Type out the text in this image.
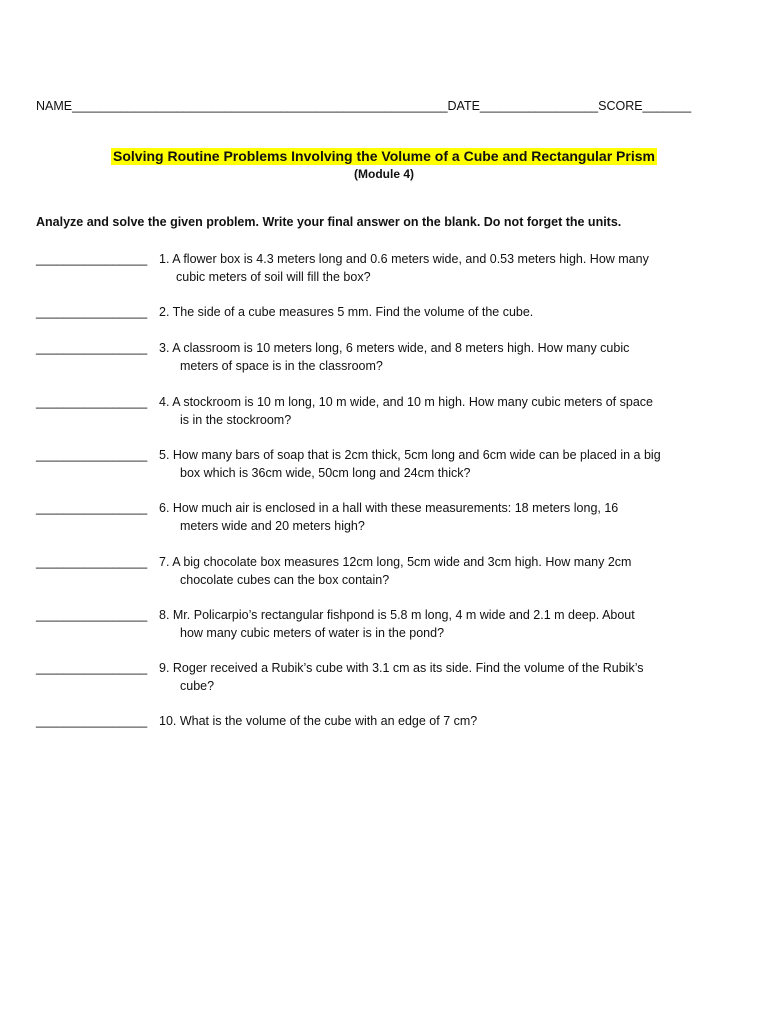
NAME______________________________________________________DATE_________________SCORE_______
Solving Routine Problems Involving the Volume of a Cube and Rectangular Prism
(Module 4)
Analyze and solve the given problem. Write your final answer on the blank. Do not forget the units.
________________ 1. A flower box is 4.3 meters long and 0.6 meters wide, and 0.53 meters high. How many
cubic meters of soil will fill the box?
________________ 2. The side of a cube measures 5 mm. Find the volume of the cube.
________________ 3. A classroom is 10 meters long, 6 meters wide, and 8 meters high. How many cubic
meters of space is in the classroom?
________________ 4. A stockroom is 10 m long, 10 m wide, and 10 m high. How many cubic meters of space
is in the stockroom?
________________ 5. How many bars of soap that is 2cm thick, 5cm long and 6cm wide can be placed in a big
box which is 36cm wide, 50cm long and 24cm thick?
________________ 6. How much air is enclosed in a hall with these measurements: 18 meters long, 16
meters wide and 20 meters high?
________________ 7. A big chocolate box measures 12cm long, 5cm wide and 3cm high. How many 2cm
chocolate cubes can the box contain?
________________ 8. Mr. Policarpio’s rectangular fishpond is 5.8 m long, 4 m wide and 2.1 m deep. About
how many cubic meters of water is in the pond?
________________ 9. Roger received a Rubik’s cube with 3.1 cm as its side. Find the volume of the Rubik’s
cube?
________________ 10. What is the volume of the cube with an edge of 7 cm?
